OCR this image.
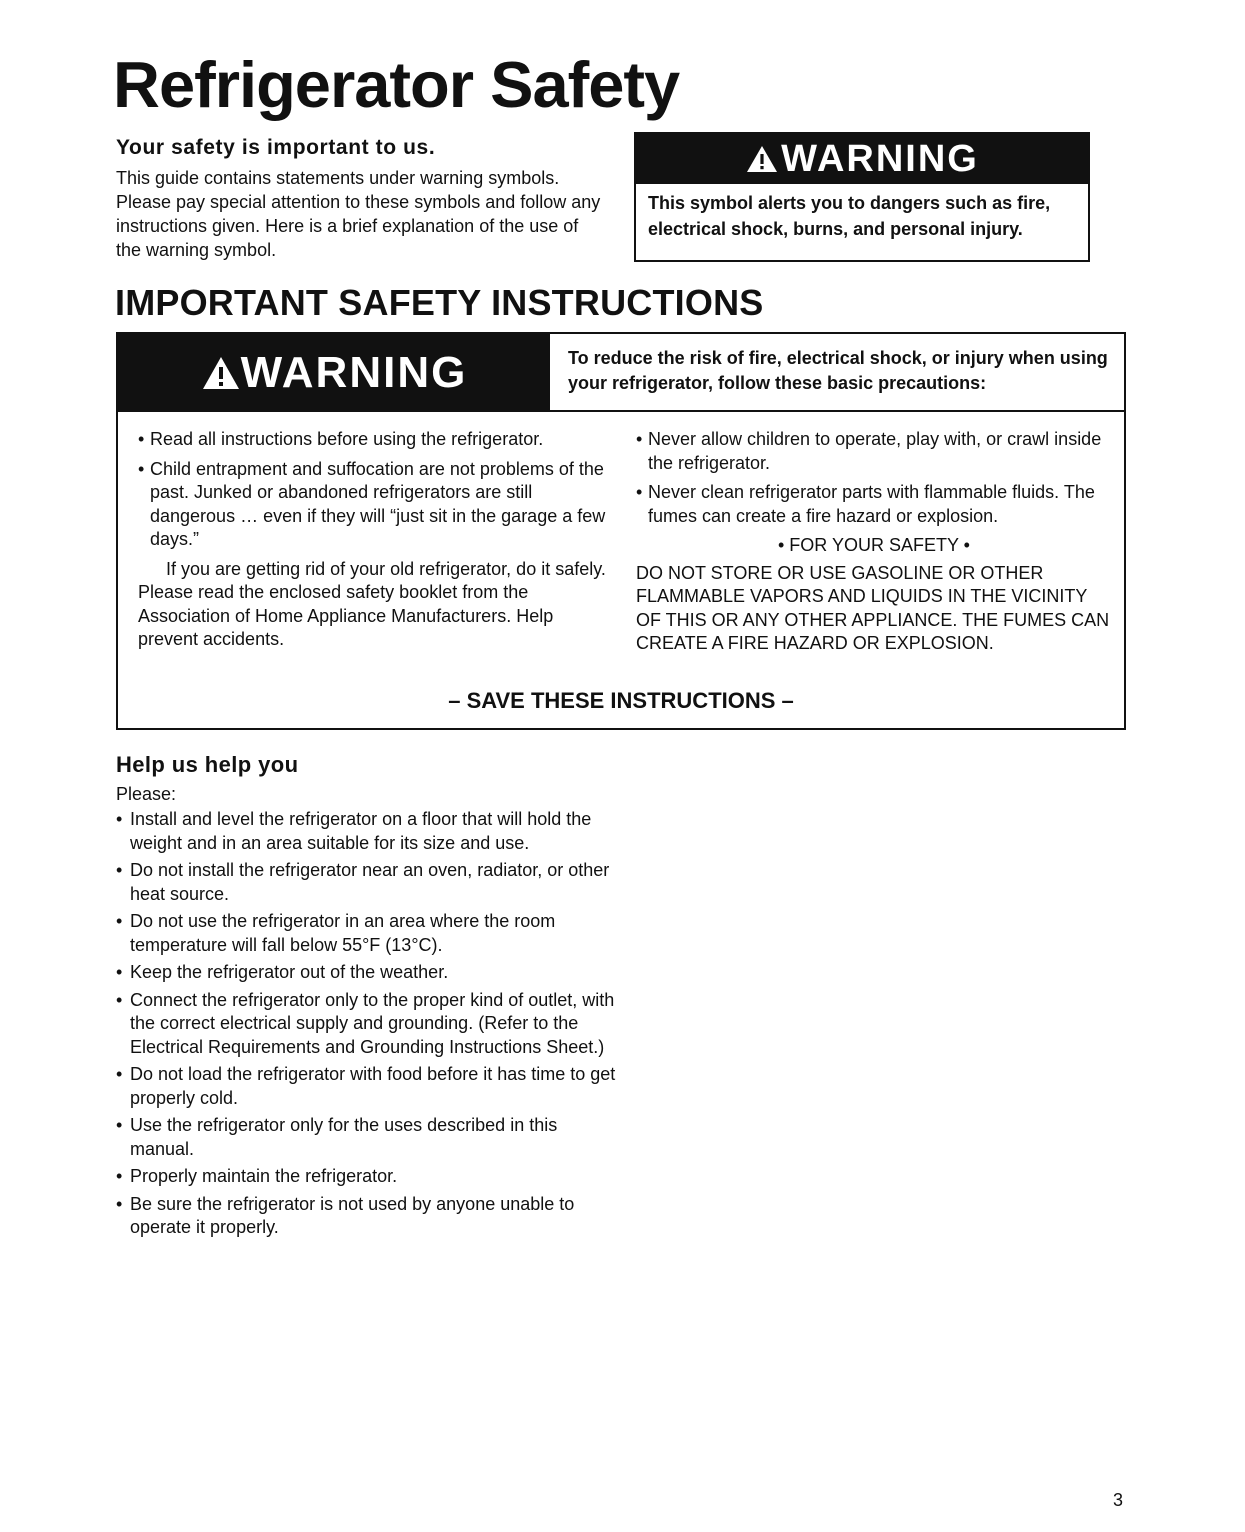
Refrigerator Safety
Your safety is important to us.

This guide contains statements under warning symbols. Please pay special attention to these symbols and follow any instructions given. Here is a brief explanation of the use of the warning symbol.

WARNING

This symbol alerts you to dangers such as fire, electrical shock, burns, and personal injury.

IMPORTANT SAFETY INSTRUCTIONS
WARNING	To reduce the risk of fire, electrical shock, or injury when using your refrigerator, follow these basic precautions:
• Read all instructions before using the refrigerator.
• Child entrapment and suffocation are not problems of the past. Junked or abandoned refrigerators are still dangerous … even if they will “just sit in the garage a few days.”

If you are getting rid of your old refrigerator, do it safely. Please read the enclosed safety booklet from the Association of Home Appliance Manufacturers. Help prevent accidents.

• Never allow children to operate, play with, or crawl inside the refrigerator.
• Never clean refrigerator parts with flammable fluids. The fumes can create a fire hazard or explosion.

• FOR YOUR SAFETY •

DO NOT STORE OR USE GASOLINE OR OTHER FLAMMABLE VAPORS AND LIQUIDS IN THE VICINITY OF THIS OR ANY OTHER APPLIANCE. THE FUMES CAN CREATE A FIRE HAZARD OR EXPLOSION.

– SAVE THESE INSTRUCTIONS –
Help us help you

Please:

• Install and level the refrigerator on a floor that will hold the weight and in an area suitable for its size and use.
• Do not install the refrigerator near an oven, radiator, or other heat source.
• Do not use the refrigerator in an area where the room temperature will fall below 55°F (13°C).
• Keep the refrigerator out of the weather.
• Connect the refrigerator only to the proper kind of outlet, with the correct electrical supply and grounding. (Refer to the Electrical Requirements and Grounding Instructions Sheet.)
• Do not load the refrigerator with food before it has time to get properly cold.
• Use the refrigerator only for the uses described in this manual.
• Properly maintain the refrigerator.
• Be sure the refrigerator is not used by anyone unable to operate it properly.
3
